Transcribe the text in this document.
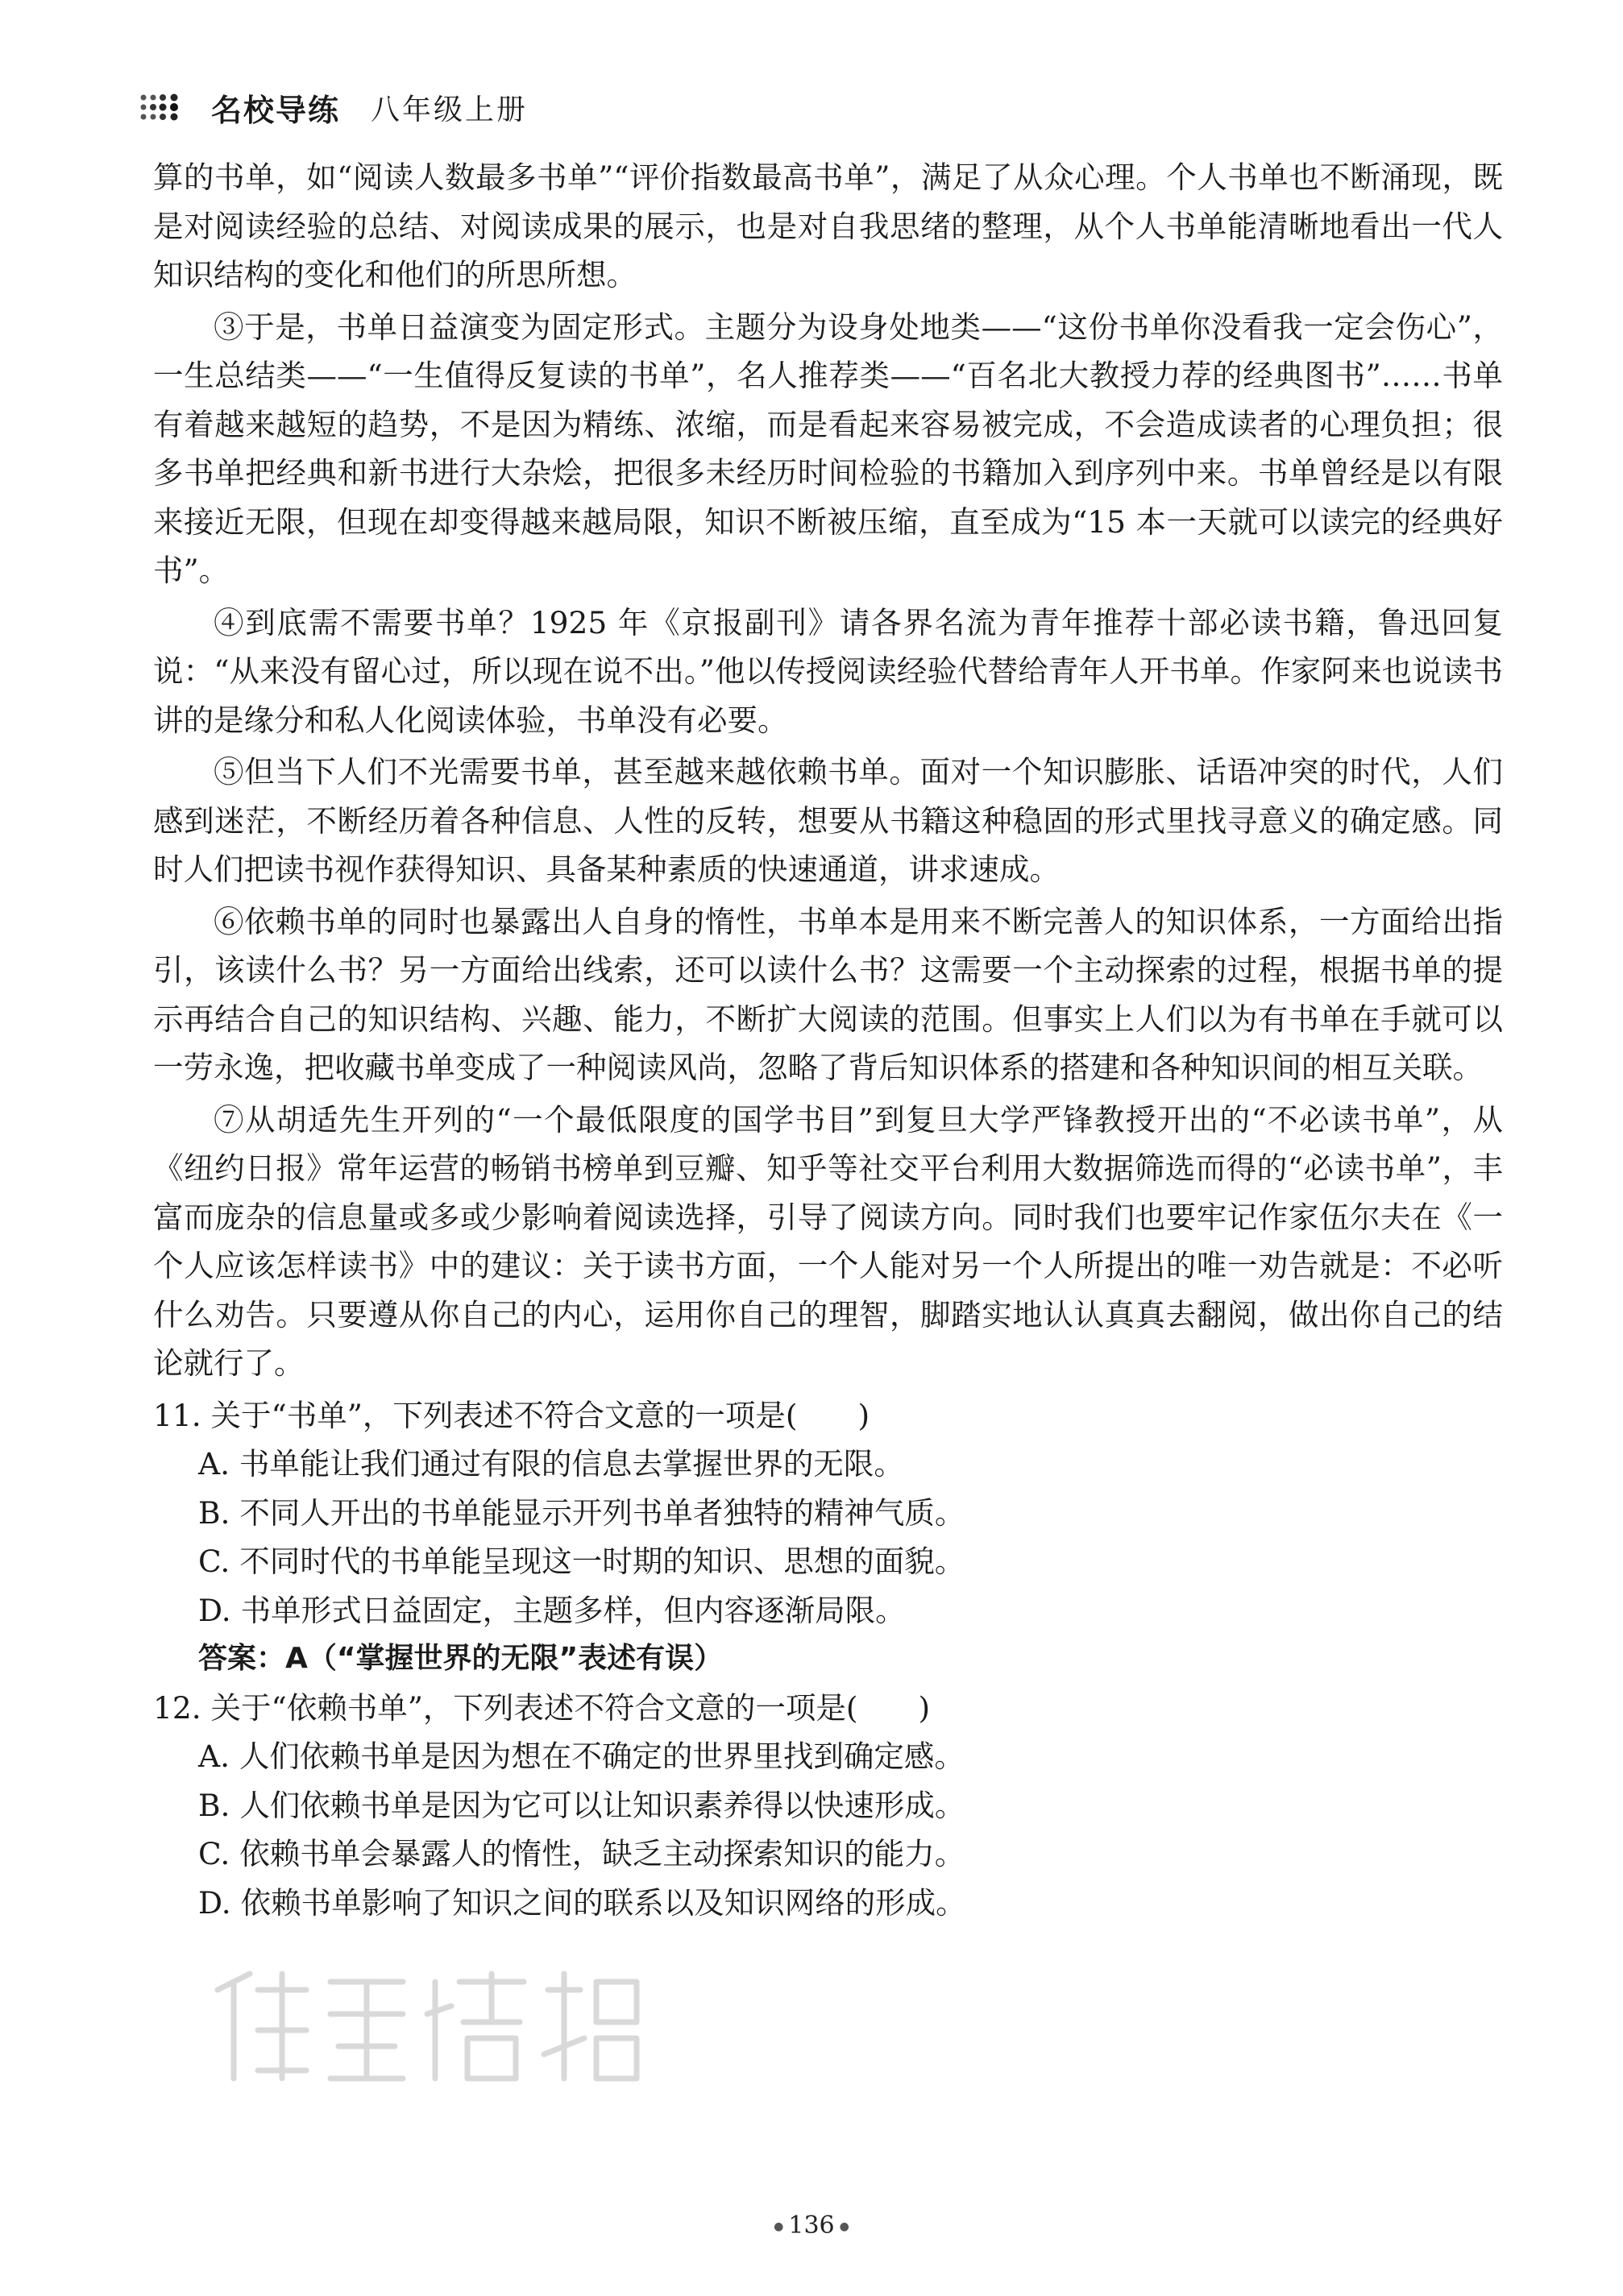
名校导练 八年级上册

算的书单，如“阅读人数最多书单”“评价指数最高书单”，满足了从众心理。个人书单也不断涌现，既是对阅读经验的总结、对阅读成果的展示，也是对自我思绪的整理，从个人书单能清晰地看出一代人知识结构的变化和他们的所思所想。

③于是，书单日益演变为固定形式。主题分为设身处地类——“这份书单你没看我一定会伤心”，一生总结类——“一生值得反复读的书单”，名人推荐类——“百名北大教授力荐的经典图书”……书单有着越来越短的趋势，不是因为精练、浓缩，而是看起来容易被完成，不会造成读者的心理负担；很多书单把经典和新书进行大杂烩，把很多未经历时间检验的书籍加入到序列中来。书单曾经是以有限来接近无限，但现在却变得越来越局限，知识不断被压缩，直至成为“15 本一天就可以读完的经典好书”。

④到底需不需要书单？1925 年《京报副刊》请各界名流为青年推荐十部必读书籍，鲁迅回复说：“从来没有留心过，所以现在说不出。”他以传授阅读经验代替给青年人开书单。作家阿来也说读书讲的是缘分和私人化阅读体验，书单没有必要。

⑤但当下人们不光需要书单，甚至越来越依赖书单。面对一个知识膨胀、话语冲突的时代，人们感到迷茫，不断经历着各种信息、人性的反转，想要从书籍这种稳固的形式里找寻意义的确定感。同时人们把读书视作获得知识、具备某种素质的快速通道，讲求速成。

⑥依赖书单的同时也暴露出人自身的惰性，书单本是用来不断完善人的知识体系，一方面给出指引，该读什么书？另一方面给出线索，还可以读什么书？这需要一个主动探索的过程，根据书单的提示再结合自己的知识结构、兴趣、能力，不断扩大阅读的范围。但事实上人们以为有书单在手就可以一劳永逸，把收藏书单变成了一种阅读风尚，忽略了背后知识体系的搭建和各种知识间的相互关联。

⑦从胡适先生开列的“一个最低限度的国学书目”到复旦大学严锋教授开出的“不必读书单”，从《纽约日报》常年运营的畅销书榜单到豆瓣、知乎等社交平台利用大数据筛选而得的“必读书单”，丰富而庞杂的信息量或多或少影响着阅读选择，引导了阅读方向。同时我们也要牢记作家伍尔夫在《一个人应该怎样读书》中的建议：关于读书方面，一个人能对另一个人所提出的唯一劝告就是：不必听什么劝告。只要遵从你自己的内心，运用你自己的理智，脚踏实地认认真真去翻阅，做出你自己的结论就行了。

11. 关于“书单”，下列表述不符合文意的一项是(　　)

A. 书单能让我们通过有限的信息去掌握世界的无限。

B. 不同人开出的书单能显示开列书单者独特的精神气质。

C. 不同时代的书单能呈现这一时期的知识、思想的面貌。

D. 书单形式日益固定，主题多样，但内容逐渐局限。

答案：A（“掌握世界的无限”表述有误）

12. 关于“依赖书单”，下列表述不符合文意的一项是(　　)

A. 人们依赖书单是因为想在不确定的世界里找到确定感。

B. 人们依赖书单是因为它可以让知识素养得以快速形成。

C. 依赖书单会暴露人的惰性，缺乏主动探索知识的能力。

D. 依赖书单影响了知识之间的联系以及知识网络的形成。

● 136 ●
